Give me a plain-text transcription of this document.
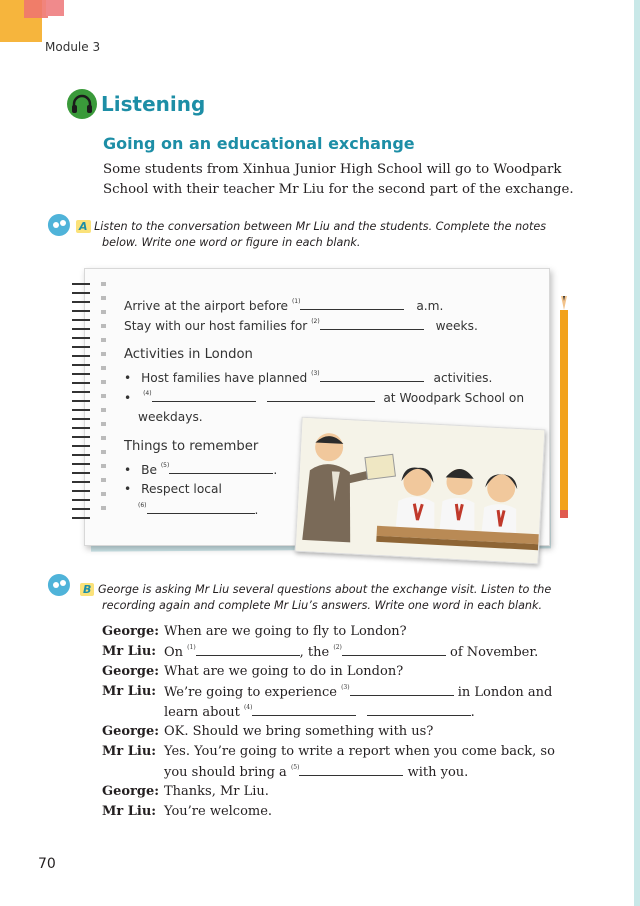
Module 3
Listening
Going on an educational exchange
Some students from Xinhua Junior High School will go to Woodpark
School with their teacher Mr Liu for the second part of the exchange.
A Listen to the conversation between Mr Liu and the students. Complete the notes
below. Write one word or figure in each blank.
Arrive at the airport before $^{(1)}$	a.m.
Stay with our host families for $^{(2)}$	weeks.
Activities in London
• Host families have planned $^{(3)}$	activities.
• $^{(4)}$	at Woodpark School on
weekdays.
Things to remember
• Be $^{(5)}$	.
• Respect local
$^{(6)}$	.
B George is asking Mr Liu several questions about the exchange visit. Listen to the
recording again and complete Mr Liu’s answers. Write one word in each blank.
George: When are we going to fly to London?
Mr Liu: On $^{(1)}$	, the $^{(2)}$	of November.
George: What are we going to do in London?
Mr Liu: We’re going to experience $^{(3)}$	in London and
learn about $^{(4)}$	.
George: OK. Should we bring something with us?
Mr Liu: Yes. You’re going to write a report when you come back, so
you should bring a $^{(5)}$	with you.
George: Thanks, Mr Liu.
Mr Liu: You’re welcome.
70
